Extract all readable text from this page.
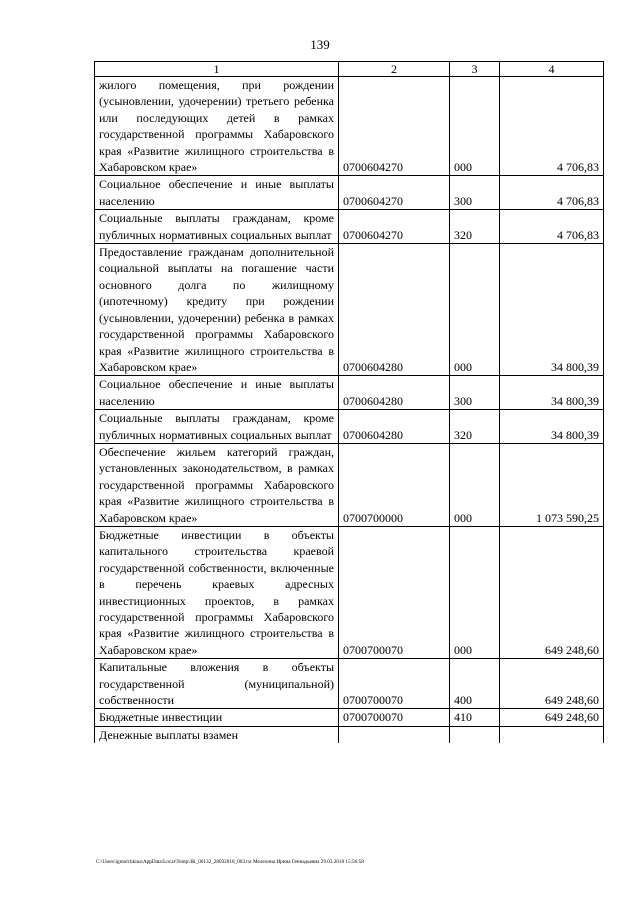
139
1	2	3	4
жилого помещения, при рождении (усыновлении, удочерении) третьего ребенка или последующих детей в рамках государственной программы Хабаровского края «Развитие жилищного строительства в Хабаровском крае»	0700604270	000	4 706,83
Социальное обеспечение и иные выплаты населению	0700604270	300	4 706,83
Социальные выплаты гражданам, кроме публичных нормативных социальных выплат	0700604270	320	4 706,83
Предоставление гражданам дополнительной социальной выплаты на погашение части основного долга по жилищному (ипотечному) кредиту при рождении (усыновлении, удочерении) ребенка в рамках государственной программы Хабаровского края «Развитие жилищного строительства в Хабаровском крае»	0700604280	000	34 800,39
Социальное обеспечение и иные выплаты населению	0700604280	300	34 800,39
Социальные выплаты гражданам, кроме публичных нормативных социальных выплат	0700604280	320	34 800,39
Обеспечение жильем категорий граждан, установленных законодательством, в рамках государственной программы Хабаровского края «Развитие жилищного строительства в Хабаровском крае»	0700700000	000	1 073 590,25
Бюджетные инвестиции в объекты капитального строительства краевой государственной собственности, включенные в перечень краевых адресных инвестиционных проектов, в рамках государственной программы Хабаровского края «Развитие жилищного строительства в Хабаровском крае»	0700700070	000	649 248,60
Капитальные вложения в объекты государственной (муниципальной) собственности	0700700070	400	649 248,60
Бюджетные инвестиции	0700700070	410	649 248,60
Денежные выплаты взамен			
C:\Users\igmolchkina\AppData\Local\Temp\ЗК_00132_28032018_003.txt Мелехина Ирина Геннадьевна 29.03.2018 15:56:58
